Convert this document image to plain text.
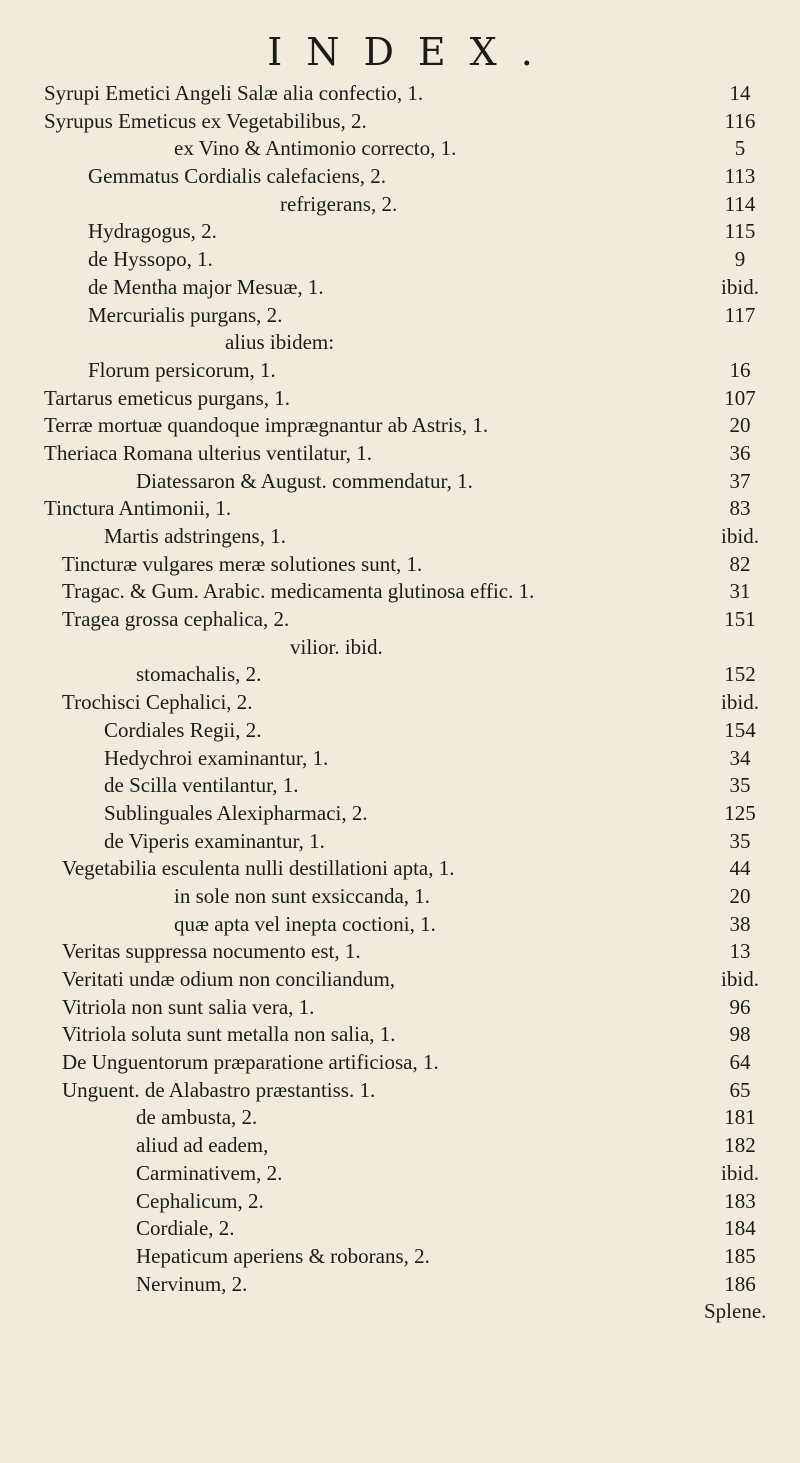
INDEX.
Syrupi Emetici Angeli Salæ alia confectio, 1.	14
Syrupus Emeticus ex Vegetabilibus, 2.	116
ex Vino & Antimonio correcto, 1.	5
Gemmatus Cordialis calefaciens, 2.	113
refrigerans, 2.	114
Hydragogus, 2.	115
de Hyssopo, 1.	9
de Mentha major Mesuæ, 1.	ibid.
Mercurialis purgans, 2.	117
alius ibidem:
Florum persicorum, 1.	16
Tartarus emeticus purgans, 1.	107
Terræ mortuæ quandoque imprægnantur ab Astris, 1.	20
Theriaca Romana ulterius ventilatur, 1.	36
Diatessaron & August. commendatur, 1.	37
Tinctura Antimonii, 1.	83
Martis adstringens, 1.	ibid.
Tincturæ vulgares meræ solutiones sunt, 1.	82
Tragac. & Gum. Arabic. medicamenta glutinosa effic. 1.	31
Tragea grossa cephalica, 2.	151
vilior. ibid.
stomachalis, 2.	152
Trochisci Cephalici, 2.	ibid.
Cordiales Regii, 2.	154
Hedychroi examinantur, 1.	34
de Scilla ventilantur, 1.	35
Sublinguales Alexipharmaci, 2.	125
de Viperis examinantur, 1.	35
Vegetabilia esculenta nulli destillationi apta, 1.	44
in sole non sunt exsiccanda, 1.	20
quæ apta vel inepta coctioni, 1.	38
Veritas suppressa nocumento est, 1.	13
Veritati undæ odium non conciliandum,	ibid.
Vitriola non sunt salia vera, 1.	96
Vitriola soluta sunt metalla non salia, 1.	98
De Unguentorum præparatione artificiosa, 1.	64
Unguent. de Alabastro præstantiss. 1.	65
de ambusta, 2.	181
aliud ad eadem,	182
Carminativem, 2.	ibid.
Cephalicum, 2.	183
Cordiale, 2.	184
Hepaticum aperiens & roborans, 2.	185
Nervinum, 2.	186
Splene.
